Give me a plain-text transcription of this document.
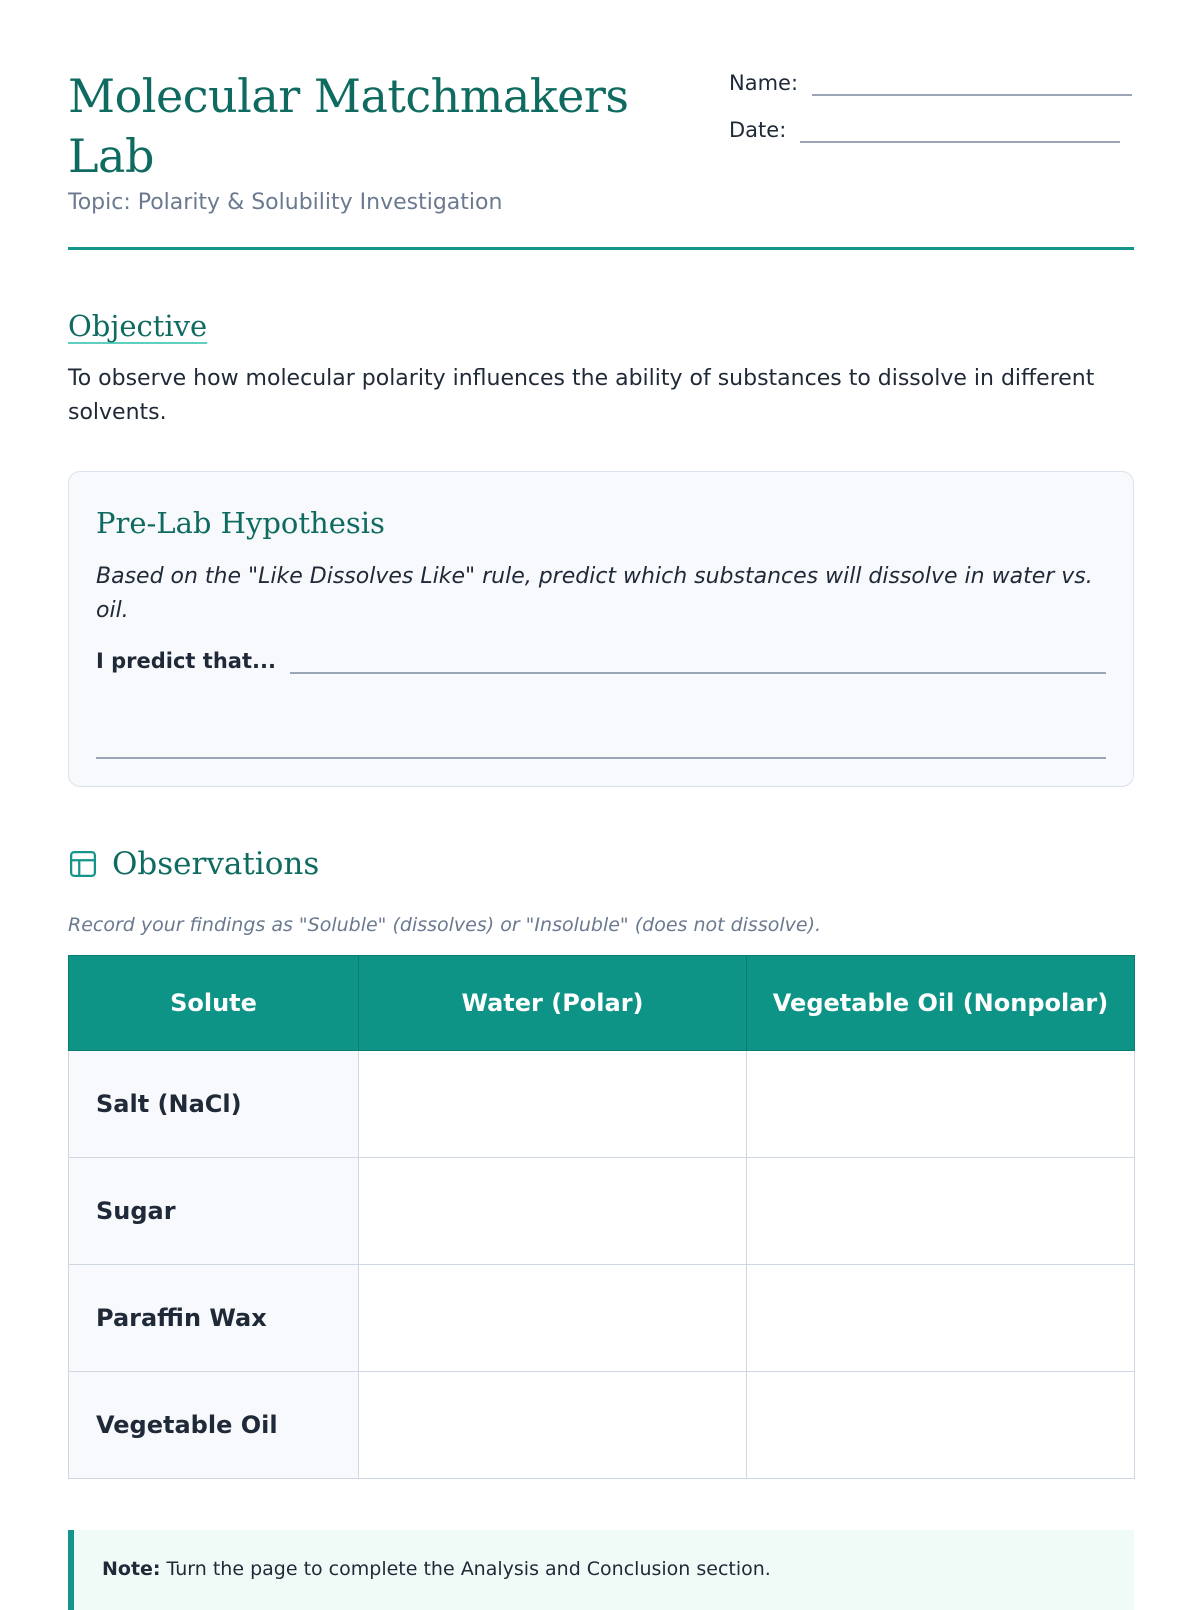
Molecular Matchmakers Lab
Topic: Polarity & Solubility Investigation
Name:
Date:
Objective

To observe how molecular polarity influences the ability of substances to dissolve in different solvents.

Pre-Lab Hypothesis

Based on the "Like Dissolves Like" rule, predict which substances will dissolve in water vs. oil.

I predict that...
Observations

Record your findings as "Soluble" (dissolves) or "Insoluble" (does not dissolve).

Solute	Water (Polar)	Vegetable Oil (Nonpolar)
Salt (NaCl)		
Sugar		
Paraffin Wax		
Vegetable Oil		
Note: Turn the page to complete the Analysis and Conclusion section.
